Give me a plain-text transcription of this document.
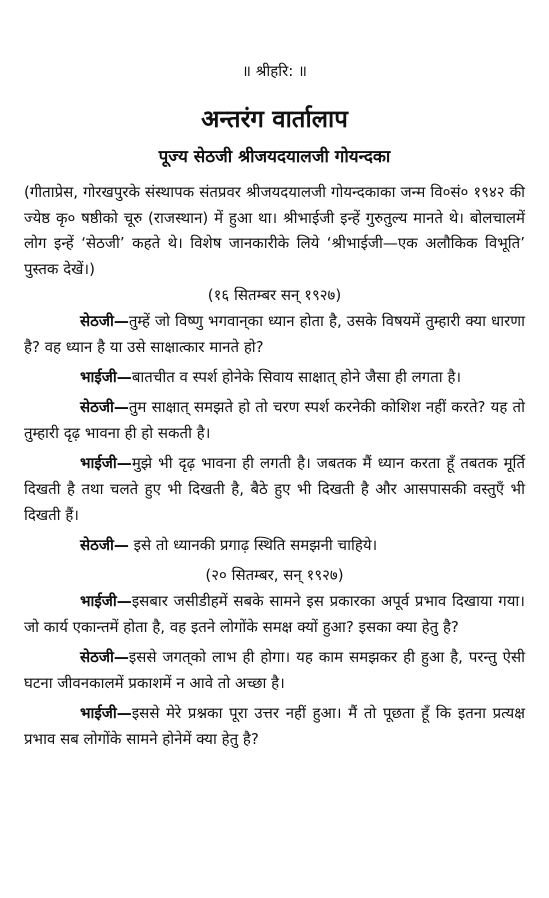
॥ श्रीहरि: ॥
अन्तरंग वार्तालाप
पूज्य सेठजी श्रीजयदयालजी गोयन्दका
(गीताप्रेस, गोरखपुरके संस्थापक संतप्रवर श्रीजयदयालजी गोयन्दकाका जन्म वि०सं० १९४२ की ज्येष्ठ कृ० षष्ठीको चूरु (राजस्थान) में हुआ था। श्रीभाईजी इन्हें गुरुतुल्य मानते थे। बोलचालमें लोग इन्हें ‘सेठजी’ कहते थे। विशेष जानकारीके लिये ‘श्रीभाईजी—एक अलौकिक विभूति’ पुस्तक देखें।)
(१६ सितम्बर सन् १९२७)

सेठजी—तुम्हें जो विष्णु भगवान्‌का ध्यान होता है, उसके विषयमें तुम्हारी क्या धारणा है? वह ध्यान है या उसे साक्षात्कार मानते हो?

भाईजी—बातचीत व स्पर्श होनेके सिवाय साक्षात् होने जैसा ही लगता है।

सेठजी—तुम साक्षात् समझते हो तो चरण स्पर्श करनेकी कोशिश नहीं करते? यह तो तुम्हारी दृढ़ भावना ही हो सकती है।

भाईजी—मुझे भी दृढ़ भावना ही लगती है। जबतक मैं ध्यान करता हूँ तबतक मूर्ति दिखती है तथा चलते हुए भी दिखती है, बैठे हुए भी दिखती है और आसपासकी वस्तुएँ भी दिखती हैं।

सेठजी— इसे तो ध्यानकी प्रगाढ़ स्थिति समझनी चाहिये।

(२० सितम्बर, सन् १९२७)

भाईजी—इसबार जसीडीहमें सबके सामने इस प्रकारका अपूर्व प्रभाव दिखाया गया। जो कार्य एकान्तमें होता है, वह इतने लोगोंके समक्ष क्यों हुआ? इसका क्या हेतु है?

सेठजी—इससे जगत्‌को लाभ ही होगा। यह काम समझकर ही हुआ है, परन्तु ऐसी घटना जीवनकालमें प्रकाशमें न आवे तो अच्छा है।

भाईजी—इससे मेरे प्रश्नका पूरा उत्तर नहीं हुआ। मैं तो पूछता हूँ कि इतना प्रत्यक्ष प्रभाव सब लोगोंके सामने होनेमें क्या हेतु है?
